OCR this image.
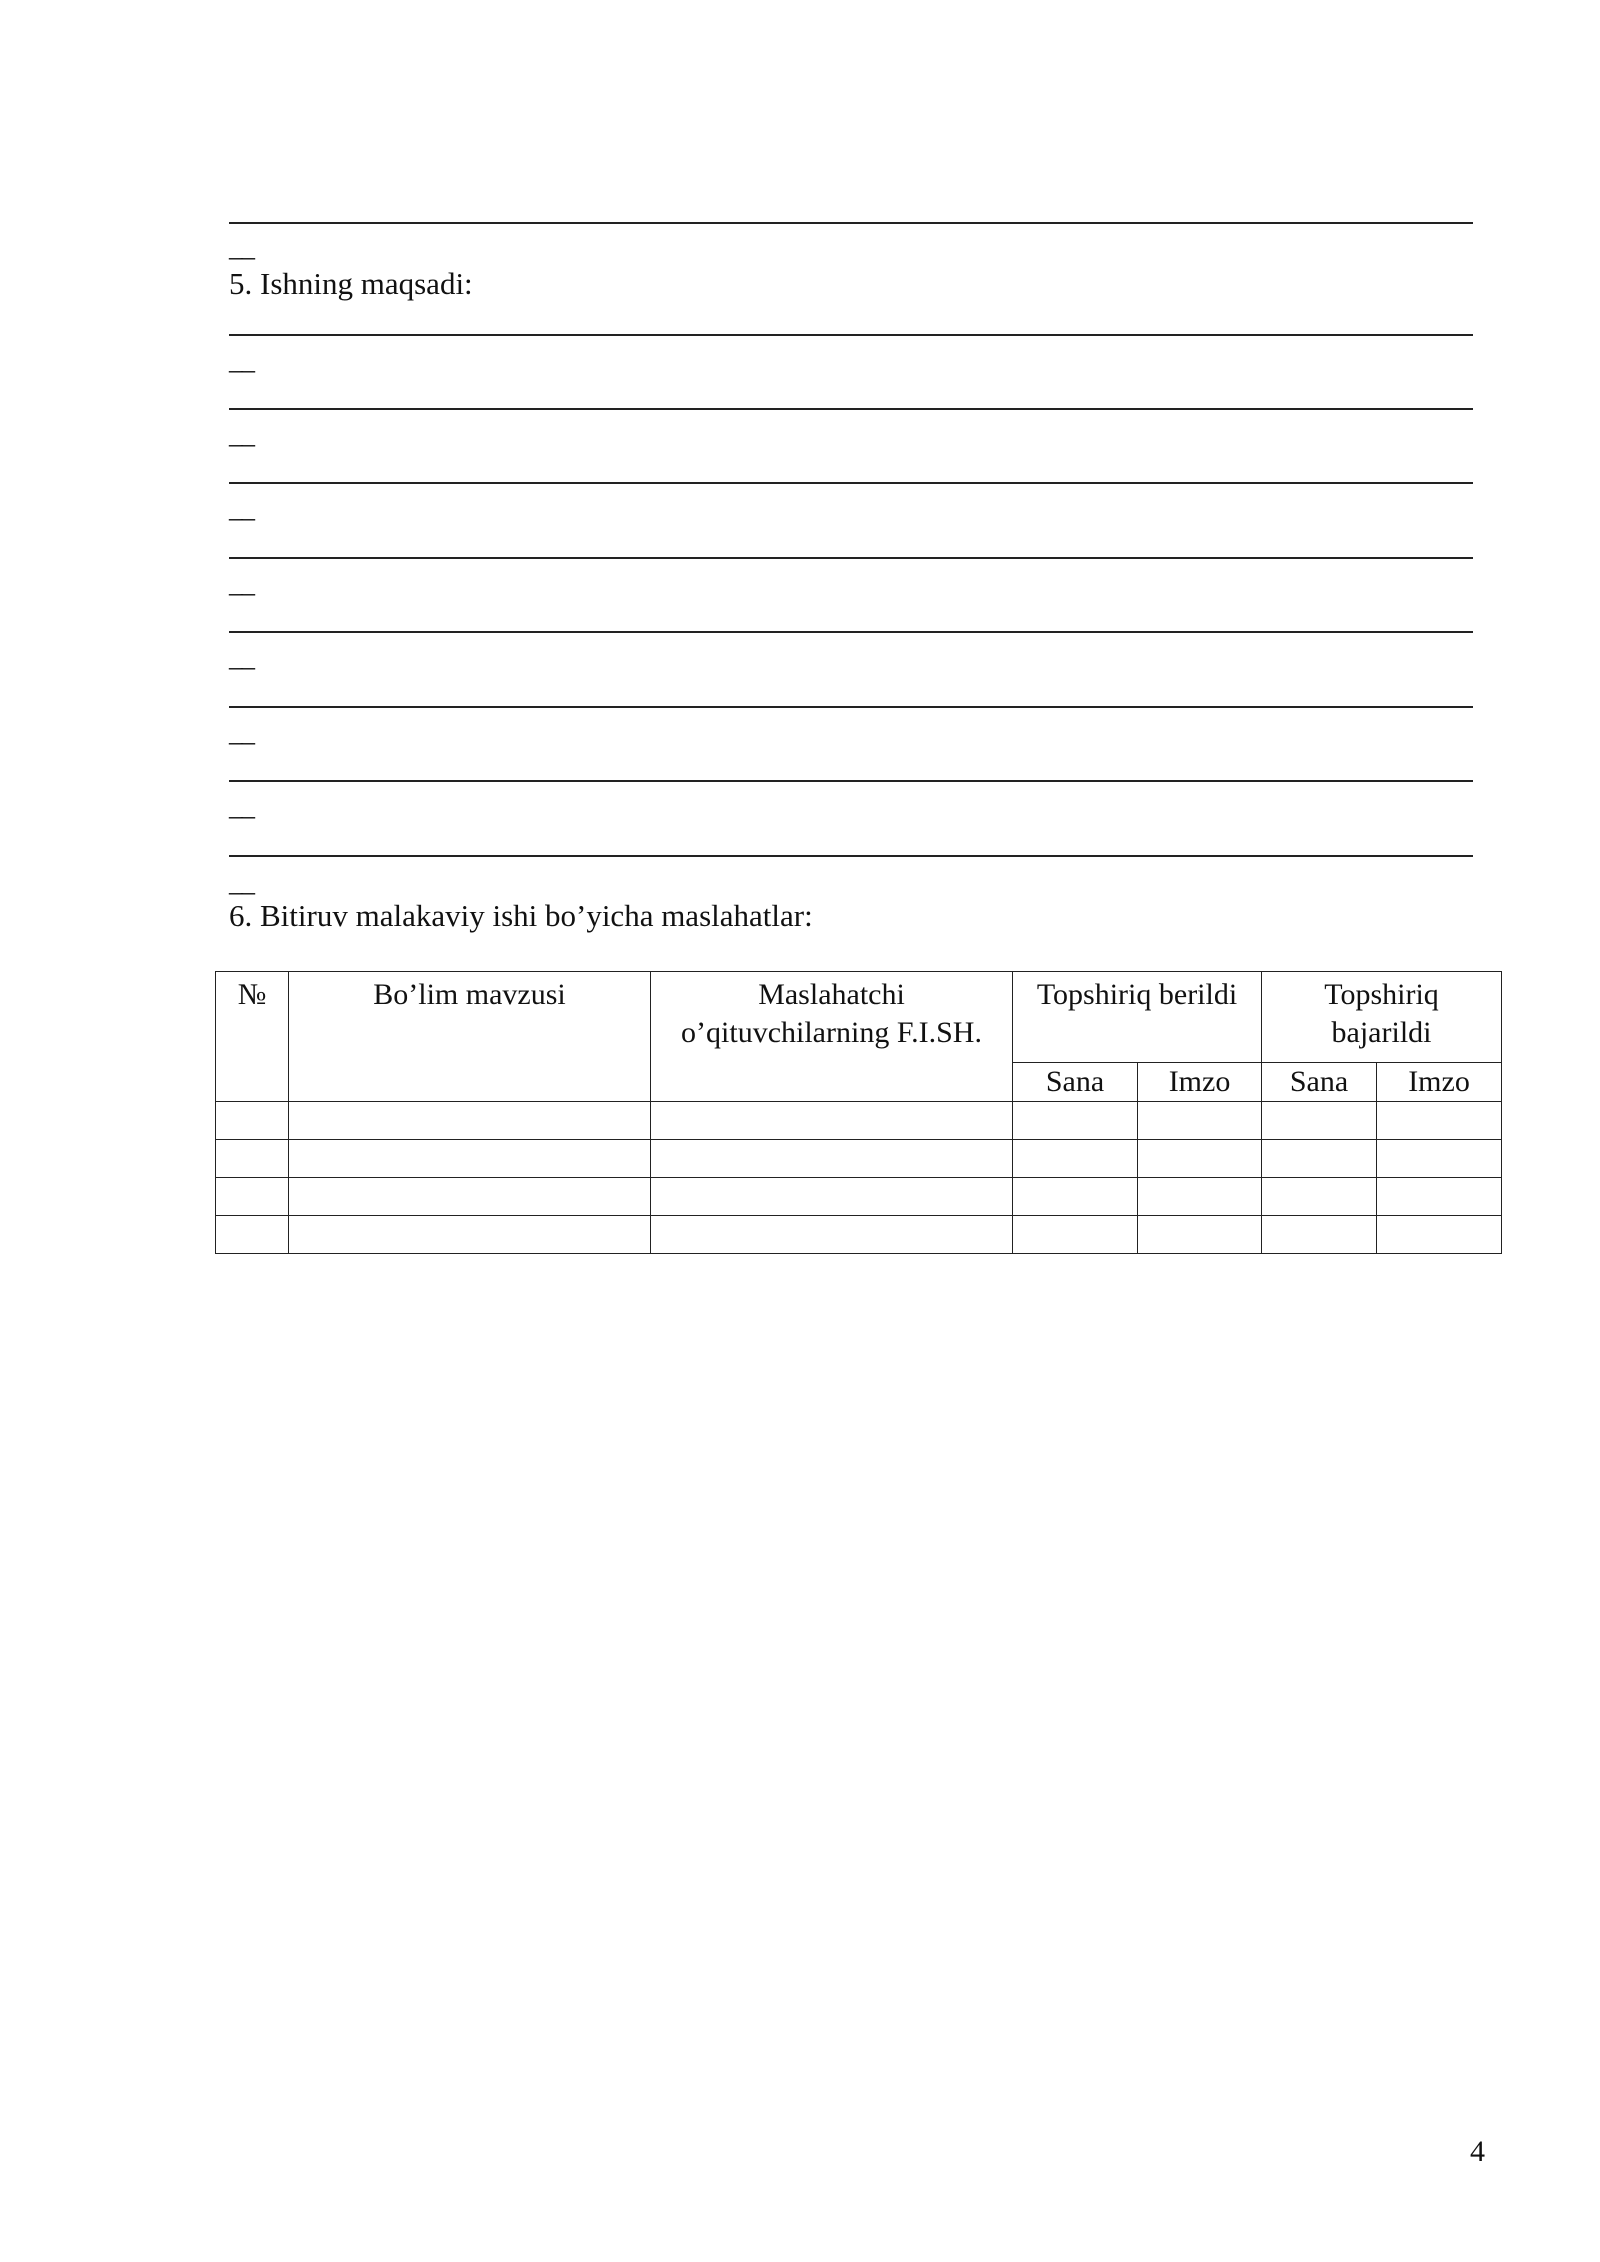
__
5. Ishning maqsadi:
__
__
__
__
__
__
__
__
6. Bitiruv malakaviy ishi bo’yicha maslahatlar:
№	Bo’lim mavzusi	Maslahatchi o’qituvchilarning F.I.SH.	Topshiriq berildi		Topshiriq bajarildi	

			Sana	Imzo	Sana	Imzo

4
